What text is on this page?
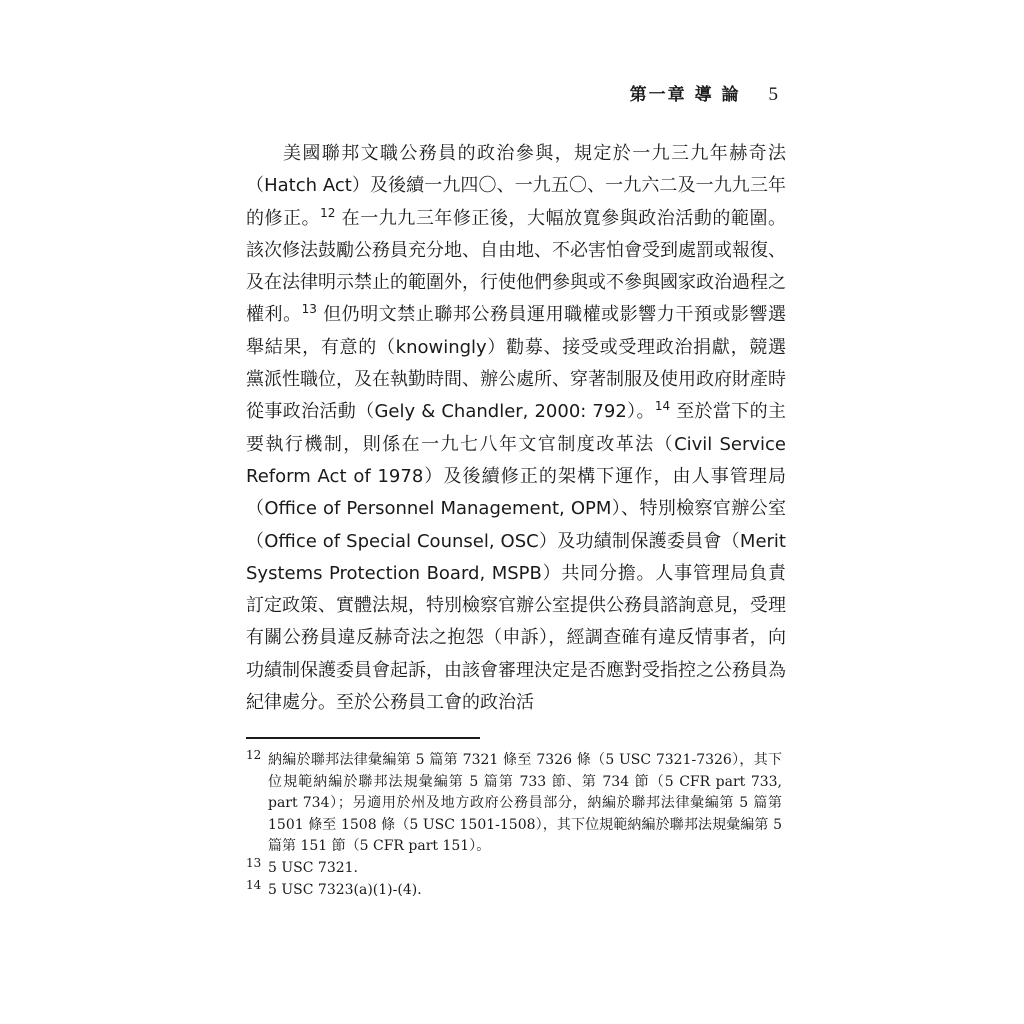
第一章 導 論 5

美國聯邦文職公務員的政治參與，規定於一九三九年赫奇法（Hatch Act）及後續一九四〇、一九五〇、一九六二及一九九三年的修正。$^{12}$ 在一九九三年修正後，大幅放寬參與政治活動的範圍。該次修法鼓勵公務員充分地、自由地、不必害怕會受到處罰或報復、及在法律明示禁止的範圍外，行使他們參與或不參與國家政治過程之權利。$^{13}$ 但仍明文禁止聯邦公務員運用職權或影響力干預或影響選舉結果，有意的（knowingly）勸募、接受或受理政治捐獻，競選黨派性職位，及在執勤時間、辦公處所、穿著制服及使用政府財產時從事政治活動（Gely & Chandler, 2000: 792）。$^{14}$ 至於當下的主要執行機制，則係在一九七八年文官制度改革法（Civil Service Reform Act of 1978）及後續修正的架構下運作，由人事管理局（Office of Personnel Management, OPM）、特別檢察官辦公室（Office of Special Counsel, OSC）及功績制保護委員會（Merit Systems Protection Board, MSPB）共同分擔。人事管理局負責訂定政策、實體法規，特別檢察官辦公室提供公務員諮詢意見，受理有關公務員違反赫奇法之抱怨（申訴），經調查確有違反情事者，向功績制保護委員會起訴，由該會審理決定是否應對受指控之公務員為紀律處分。至於公務員工會的政治活

12 納編於聯邦法律彙編第 5 篇第 7321 條至 7326 條（5 USC 7321-7326），其下位規範納編於聯邦法規彙編第 5 篇第 733 節、第 734 節（5 CFR part 733, part 734）；另適用於州及地方政府公務員部分，納編於聯邦法律彙編第 5 篇第 1501 條至 1508 條（5 USC 1501-1508），其下位規範納編於聯邦法規彙編第 5 篇第 151 節（5 CFR part 151）。
13 5 USC 7321.
14 5 USC 7323(a)(1)-(4).
